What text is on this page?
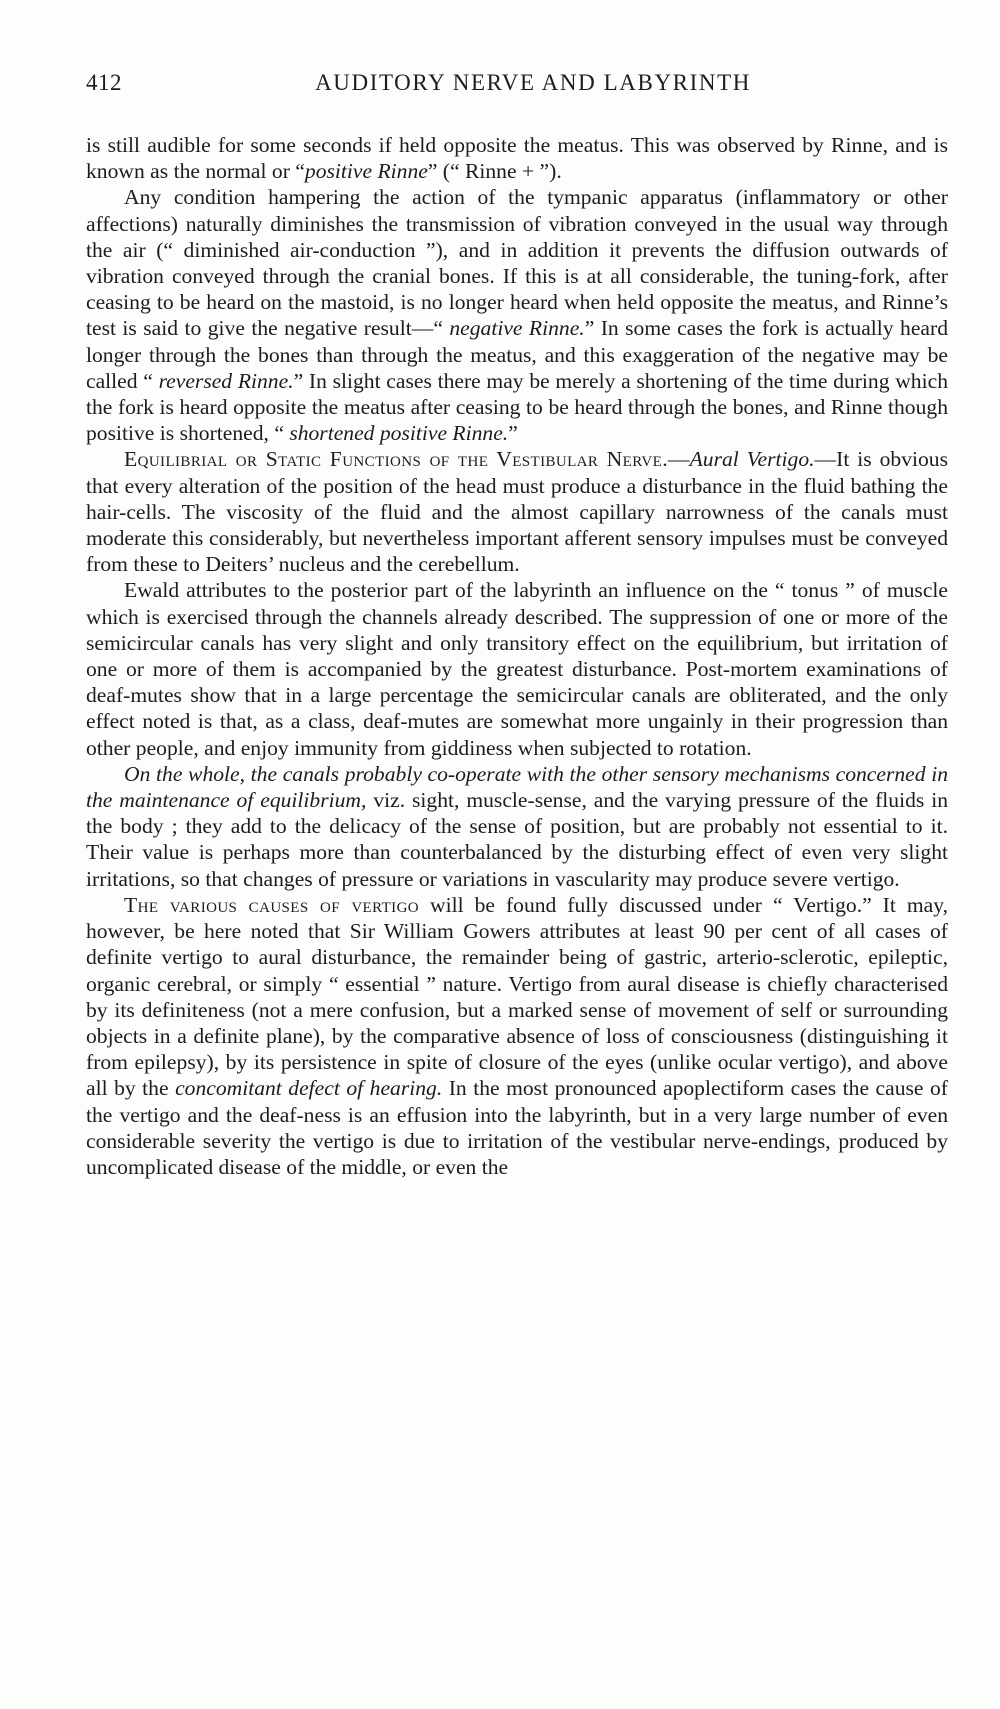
412	AUDITORY NERVE AND LABYRINTH

is still audible for some seconds if held opposite the meatus. This was observed by Rinne, and is known as the normal or “positive Rinne” (“ Rinne + ”).

Any condition hampering the action of the tympanic apparatus (inflammatory or other affections) naturally diminishes the transmission of vibration conveyed in the usual way through the air (“ diminished air-conduction ”), and in addition it prevents the diffusion outwards of vibration conveyed through the cranial bones. If this is at all considerable, the tuning-fork, after ceasing to be heard on the mastoid, is no longer heard when held opposite the meatus, and Rinne’s test is said to give the negative result—“ negative Rinne.” In some cases the fork is actually heard longer through the bones than through the meatus, and this exaggeration of the negative may be called “ reversed Rinne.” In slight cases there may be merely a shortening of the time during which the fork is heard opposite the meatus after ceasing to be heard through the bones, and Rinne though positive is shortened, “ shortened positive Rinne.”

Equilibrial or Static Functions of the Vestibular Nerve.—Aural Vertigo.—It is obvious that every alteration of the position of the head must produce a disturbance in the fluid bathing the hair-cells. The viscosity of the fluid and the almost capillary narrowness of the canals must moderate this considerably, but nevertheless important afferent sensory impulses must be conveyed from these to Deiters’ nucleus and the cerebellum.

Ewald attributes to the posterior part of the labyrinth an influence on the “ tonus ” of muscle which is exercised through the channels already described. The suppression of one or more of the semicircular canals has very slight and only transitory effect on the equilibrium, but irritation of one or more of them is accompanied by the greatest disturbance. Post-mortem examinations of deaf-mutes show that in a large percentage the semicircular canals are obliterated, and the only effect noted is that, as a class, deaf-mutes are somewhat more ungainly in their progression than other people, and enjoy immunity from giddiness when subjected to rotation.

On the whole, the canals probably co-operate with the other sensory mechanisms concerned in the maintenance of equilibrium, viz. sight, muscle-sense, and the varying pressure of the fluids in the body ; they add to the delicacy of the sense of position, but are probably not essential to it. Their value is perhaps more than counterbalanced by the disturbing effect of even very slight irritations, so that changes of pressure or variations in vascularity may produce severe vertigo.

The various causes of vertigo will be found fully discussed under “ Vertigo.” It may, however, be here noted that Sir William Gowers attributes at least 90 per cent of all cases of definite vertigo to aural disturbance, the remainder being of gastric, arterio-sclerotic, epileptic, organic cerebral, or simply “ essential ” nature. Vertigo from aural disease is chiefly characterised by its definiteness (not a mere confusion, but a marked sense of movement of self or surrounding objects in a definite plane), by the comparative absence of loss of consciousness (distinguishing it from epilepsy), by its persistence in spite of closure of the eyes (unlike ocular vertigo), and above all by the concomitant defect of hearing. In the most pronounced apoplectiform cases the cause of the vertigo and the deaf-ness is an effusion into the labyrinth, but in a very large number of even considerable severity the vertigo is due to irritation of the vestibular nerve-endings, produced by uncomplicated disease of the middle, or even the
